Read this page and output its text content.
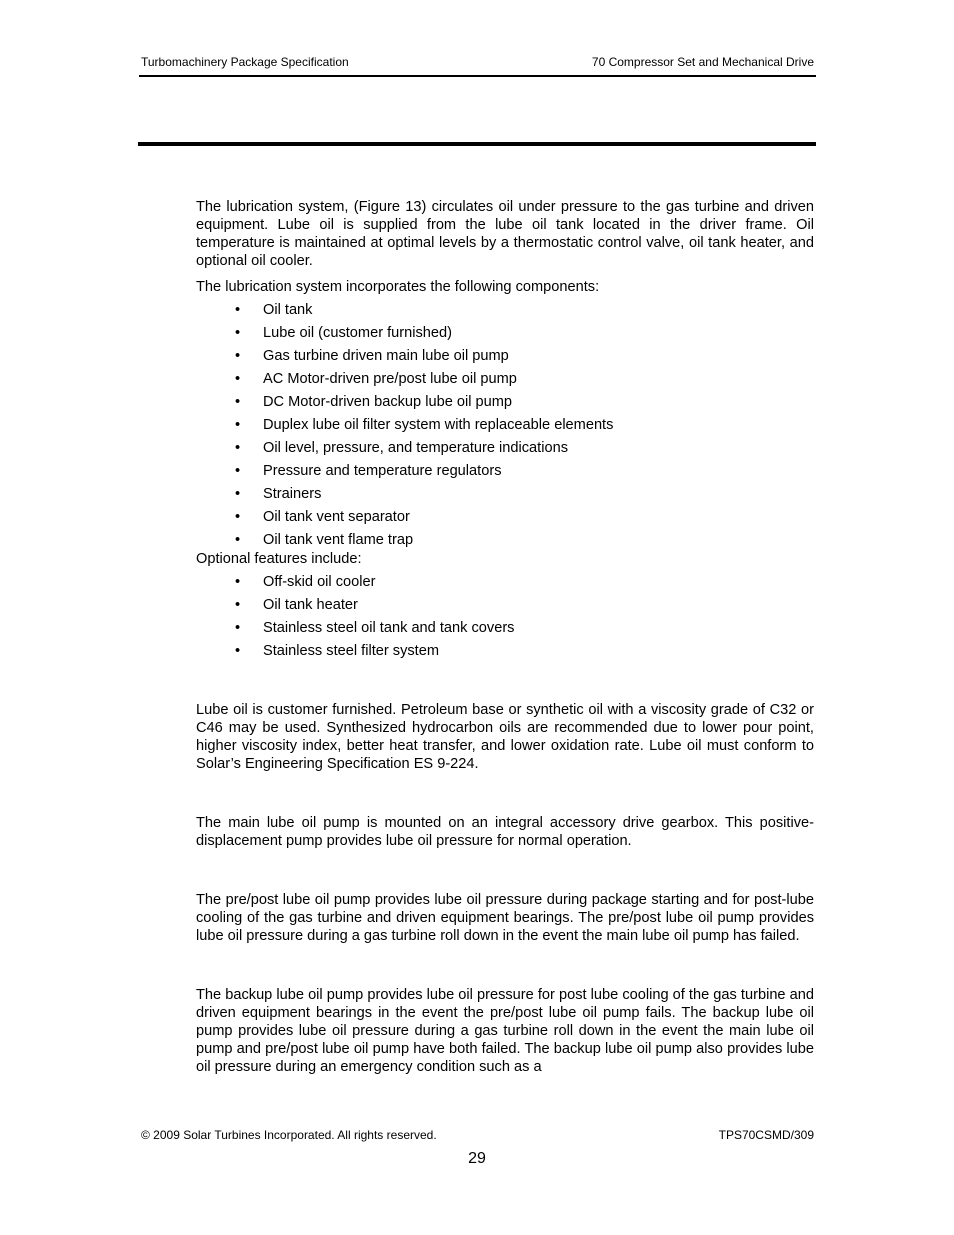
Turbomachinery Package Specification	70 Compressor Set and Mechanical Drive

The lubrication system, (Figure 13) circulates oil under pressure to the gas turbine and driven equipment. Lube oil is supplied from the lube oil tank located in the driver frame. Oil temperature is maintained at optimal levels by a thermostatic control valve, oil tank heater, and optional oil cooler.

The lubrication system incorporates the following components:

• Oil tank
• Lube oil (customer furnished)
• Gas turbine driven main lube oil pump
• AC Motor-driven pre/post lube oil pump
• DC Motor-driven backup lube oil pump
• Duplex lube oil filter system with replaceable elements
• Oil level, pressure, and temperature indications
• Pressure and temperature regulators
• Strainers
• Oil tank vent separator
• Oil tank vent flame trap

Optional features include:

• Off-skid oil cooler
• Oil tank heater
• Stainless steel oil tank and tank covers
• Stainless steel filter system

Lube oil is customer furnished. Petroleum base or synthetic oil with a viscosity grade of C32 or C46 may be used. Synthesized hydrocarbon oils are recommended due to lower pour point, higher viscosity index, better heat transfer, and lower oxidation rate. Lube oil must conform to Solar’s Engineering Specification ES 9-224.

The main lube oil pump is mounted on an integral accessory drive gearbox. This positive-displacement pump provides lube oil pressure for normal operation.

The pre/post lube oil pump provides lube oil pressure during package starting and for post-lube cooling of the gas turbine and driven equipment bearings. The pre/post lube oil pump provides lube oil pressure during a gas turbine roll down in the event the main lube oil pump has failed.

The backup lube oil pump provides lube oil pressure for post lube cooling of the gas turbine and driven equipment bearings in the event the pre/post lube oil pump fails. The backup lube oil pump provides lube oil pressure during a gas turbine roll down in the event the main lube oil pump and pre/post lube oil pump have both failed. The backup lube oil pump also provides lube oil pressure during an emergency condition such as a

© 2009 Solar Turbines Incorporated. All rights reserved.	TPS70CSMD/309
29
